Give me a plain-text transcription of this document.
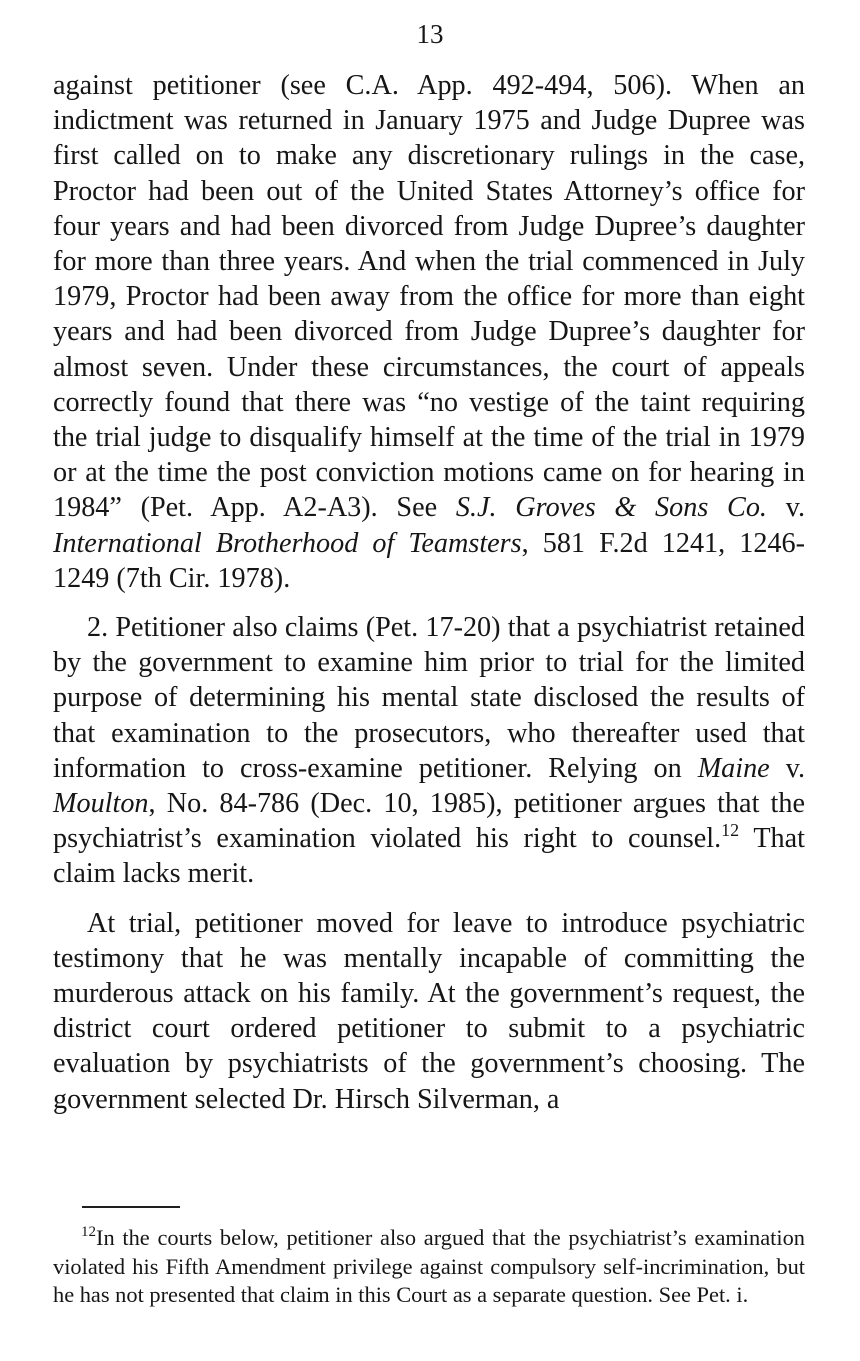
13

against petitioner (see C.A. App. 492-494, 506). When an indictment was returned in January 1975 and Judge Dupree was first called on to make any discretionary rulings in the case, Proctor had been out of the United States Attorney’s office for four years and had been divorced from Judge Dupree’s daughter for more than three years. And when the trial commenced in July 1979, Proctor had been away from the office for more than eight years and had been divorced from Judge Dupree’s daughter for almost seven. Under these circumstances, the court of appeals correctly found that there was “no vestige of the taint requiring the trial judge to disqualify himself at the time of the trial in 1979 or at the time the post conviction motions came on for hearing in 1984” (Pet. App. A2-A3). See S.J. Groves & Sons Co. v. International Brotherhood of Teamsters, 581 F.2d 1241, 1246-1249 (7th Cir. 1978).

2. Petitioner also claims (Pet. 17-20) that a psychiatrist retained by the government to examine him prior to trial for the limited purpose of determining his mental state disclosed the results of that examination to the prosecutors, who thereafter used that information to cross-examine petitioner. Relying on Maine v. Moulton, No. 84-786 (Dec. 10, 1985), petitioner argues that the psychiatrist’s examination violated his right to counsel.$^{12}$ That claim lacks merit.

At trial, petitioner moved for leave to introduce psychiatric testimony that he was mentally incapable of committing the murderous attack on his family. At the government’s request, the district court ordered petitioner to submit to a psychiatric evaluation by psychiatrists of the government’s choosing. The government selected Dr. Hirsch Silverman, a

$^{12}$In the courts below, petitioner also argued that the psychiatrist’s examination violated his Fifth Amendment privilege against compulsory self-incrimination, but he has not presented that claim in this Court as a separate question. See Pet. i.
